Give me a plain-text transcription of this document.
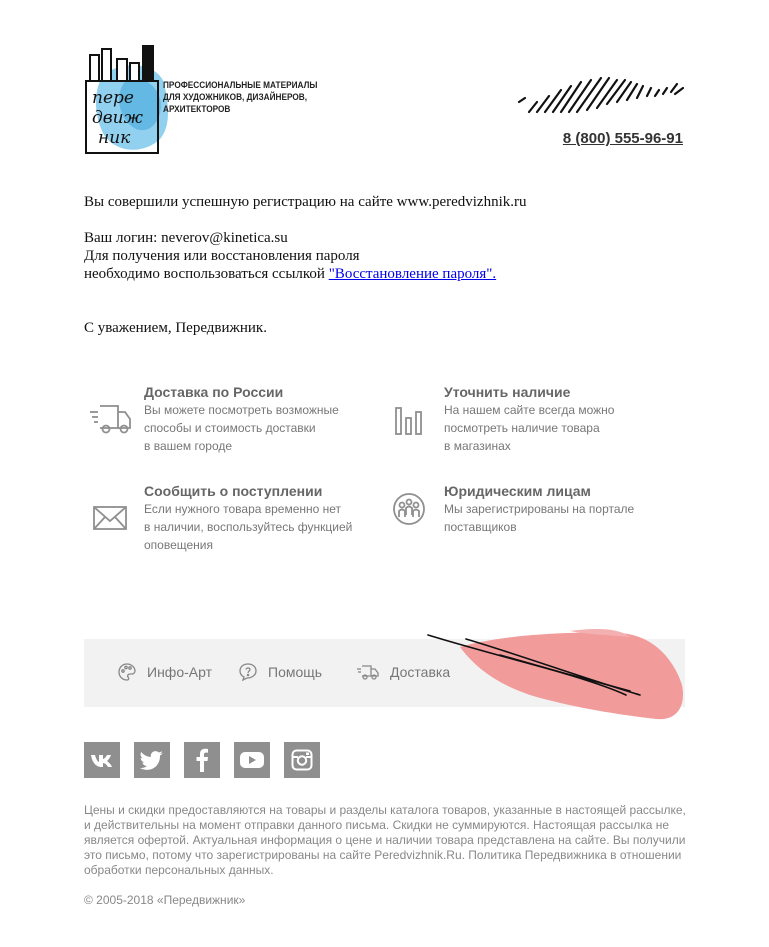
пере
движ
ник
ПРОФЕССИОНАЛЬНЫЕ МАТЕРИАЛЫ
ДЛЯ ХУДОЖНИКОВ, ДИЗАЙНЕРОВ,
АРХИТЕКТОРОВ
8 (800) 555-96-91
Вы совершили успешную регистрацию на сайте www.peredvizhnik.ru
Ваш логин: neverov@kinetica.su
Для получения или восстановления пароля
необходимо воспользоваться ссылкой "Восстановление пароля".
С уважением, Передвижник.
Доставка по России
Вы можете посмотреть возможные
способы и стоимость доставки
в вашем городе
Уточнить наличие
На нашем сайте всегда можно
посмотреть наличие товара
в магазинах
Сообщить о поступлении
Если нужного товара временно нет
в наличии, воспользуйтесь функцией
оповещения
Юридическим лицам
Мы зарегистрированы на портале
поставщиков
Инфо-Арт	Помощь	Доставка
Цены и скидки предоставляются на товары и разделы каталога товаров, указанные в настоящей рассылке, и действительны на момент отправки данного письма. Скидки не суммируются. Настоящая рассылка не является офертой. Актуальная информация о цене и наличии товара представлена на сайте. Вы получили это письмо, потому что зарегистрированы на сайте Peredvizhnik.Ru. Политика Передвижника в отношении обработки персональных данных.
© 2005-2018 «Передвижник»
